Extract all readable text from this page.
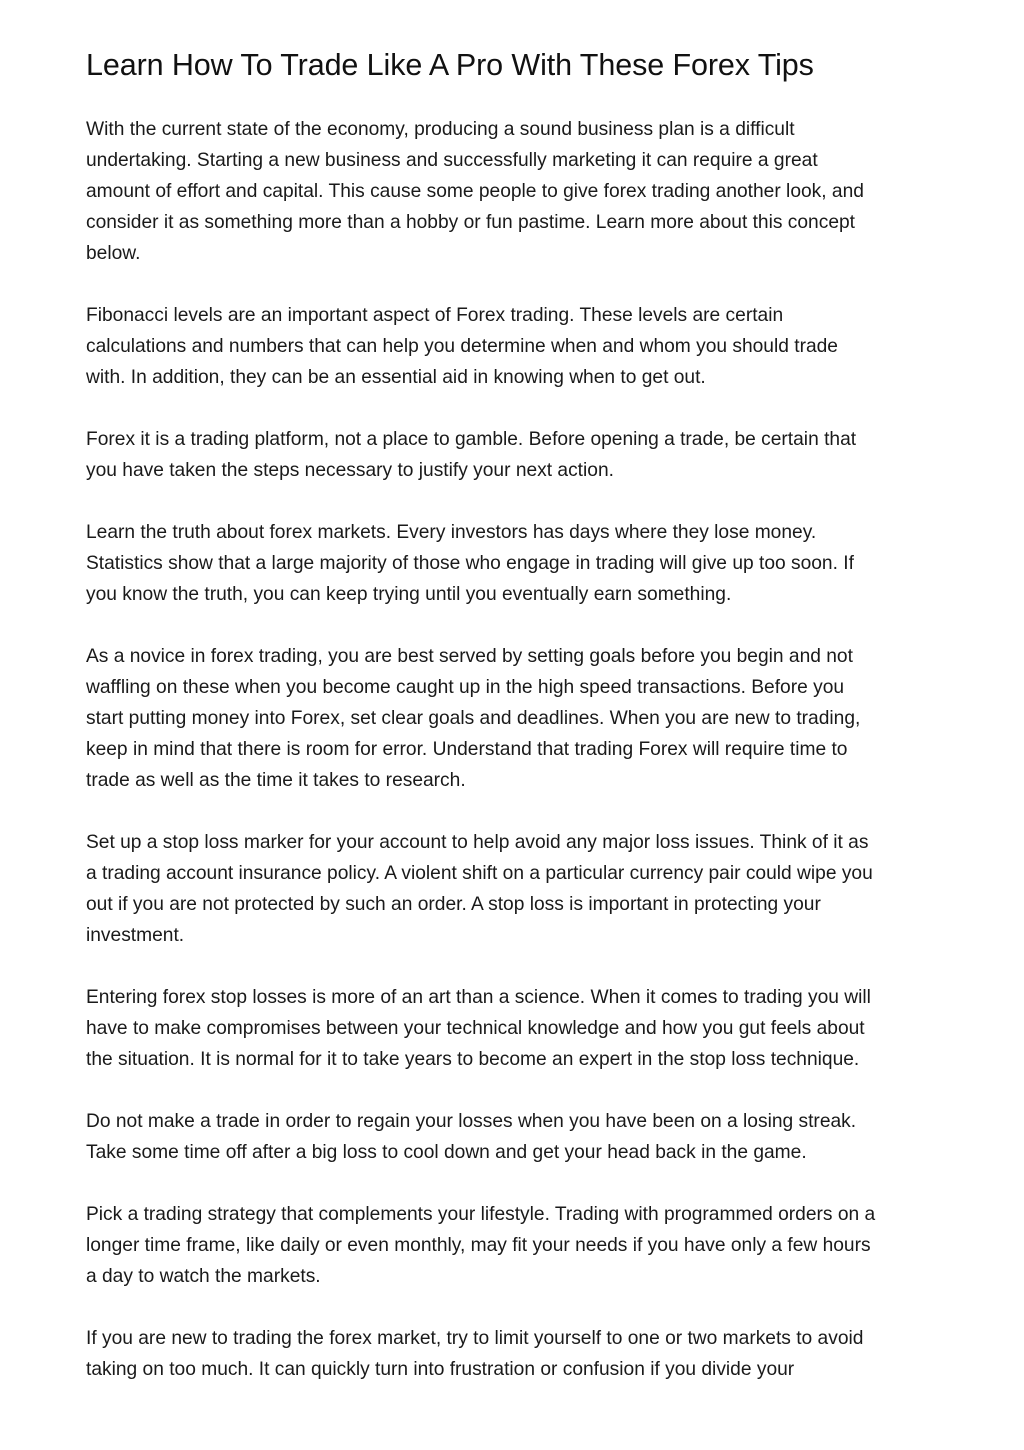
Learn How To Trade Like A Pro With These Forex Tips

With the current state of the economy, producing a sound business plan is a difficult
undertaking. Starting a new business and successfully marketing it can require a great
amount of effort and capital. This cause some people to give forex trading another look, and
consider it as something more than a hobby or fun pastime. Learn more about this concept
below.

Fibonacci levels are an important aspect of Forex trading. These levels are certain
calculations and numbers that can help you determine when and whom you should trade
with. In addition, they can be an essential aid in knowing when to get out.

Forex it is a trading platform, not a place to gamble. Before opening a trade, be certain that
you have taken the steps necessary to justify your next action.

Learn the truth about forex markets. Every investors has days where they lose money.
Statistics show that a large majority of those who engage in trading will give up too soon. If
you know the truth, you can keep trying until you eventually earn something.

As a novice in forex trading, you are best served by setting goals before you begin and not
waffling on these when you become caught up in the high speed transactions. Before you
start putting money into Forex, set clear goals and deadlines. When you are new to trading,
keep in mind that there is room for error. Understand that trading Forex will require time to
trade as well as the time it takes to research.

Set up a stop loss marker for your account to help avoid any major loss issues. Think of it as
a trading account insurance policy. A violent shift on a particular currency pair could wipe you
out if you are not protected by such an order. A stop loss is important in protecting your
investment.

Entering forex stop losses is more of an art than a science. When it comes to trading you will
have to make compromises between your technical knowledge and how you gut feels about
the situation. It is normal for it to take years to become an expert in the stop loss technique.

Do not make a trade in order to regain your losses when you have been on a losing streak.
Take some time off after a big loss to cool down and get your head back in the game.

Pick a trading strategy that complements your lifestyle. Trading with programmed orders on a
longer time frame, like daily or even monthly, may fit your needs if you have only a few hours
a day to watch the markets.

If you are new to trading the forex market, try to limit yourself to one or two markets to avoid
taking on too much. It can quickly turn into frustration or confusion if you divide your
